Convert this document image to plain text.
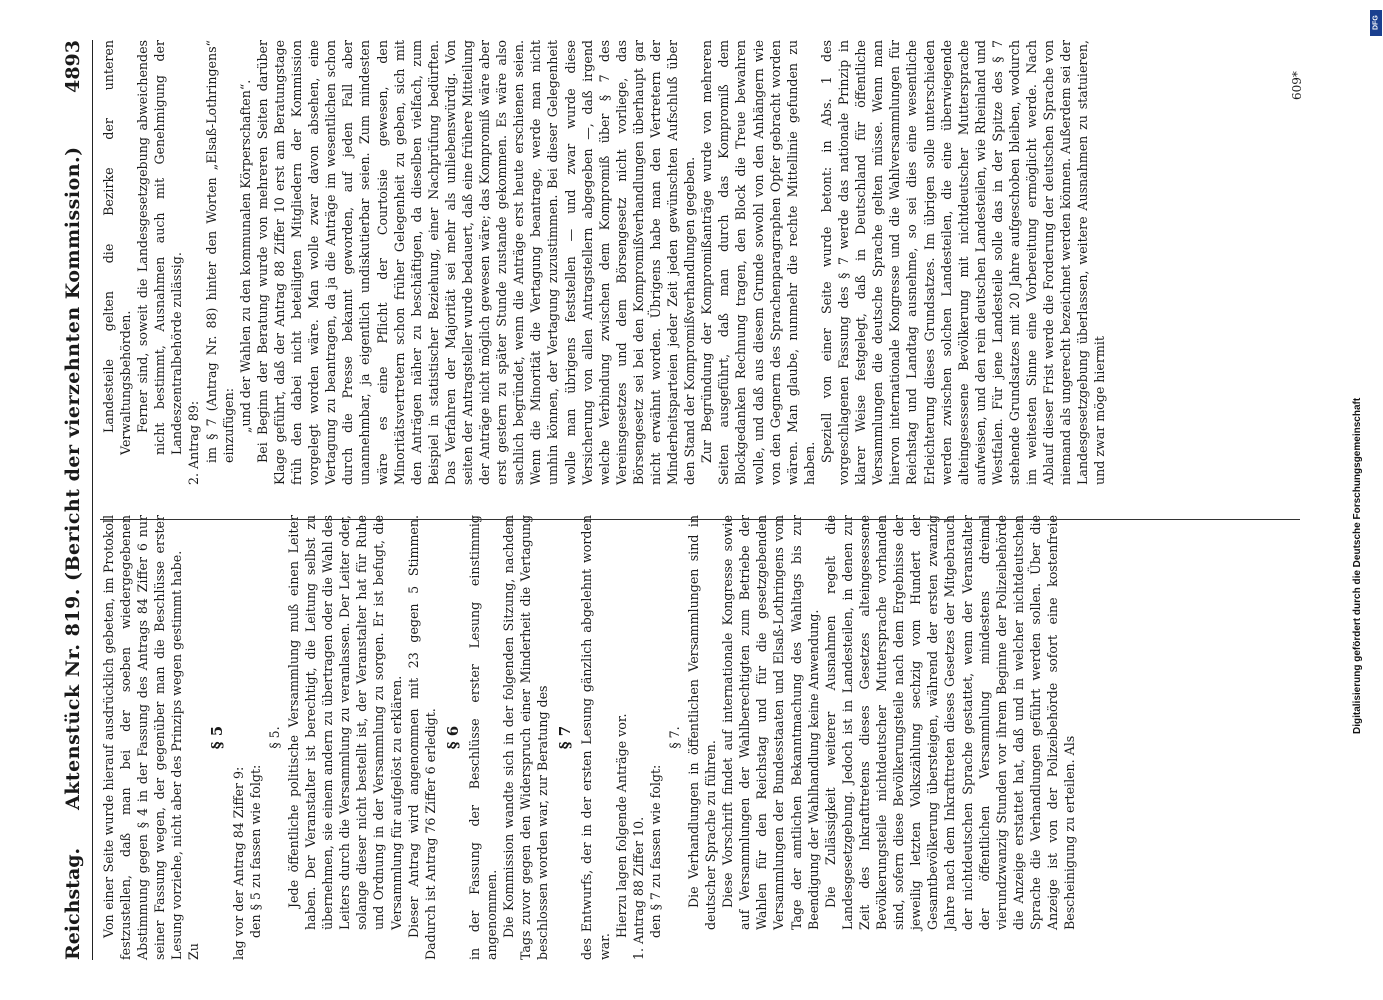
Reichstag.
Aktenstück Nr. 819. (Bericht der vierzehnten Kommission.)
4893

Von einer Seite wurde hierauf ausdrücklich gebeten, im Protokoll festzustellen, daß man bei der soeben wiedergegebenen Abstimmung gegen § 4 in der Fassung des Antrags 84 Ziffer 6 nur seiner Fassung wegen, der gegenüber man die Beschlüsse erster Lesung vorziehe, nicht aber des Prinzips wegen gestimmt habe. Zu

§ 5

lag vor der Antrag 84 Ziffer 9: den § 5 zu fassen wie folgt:

§ 5. Jede öffentliche politische Versammlung muß einen Leiter haben. Der Veranstalter ist berechtigt, die Leitung selbst zu übernehmen, sie einem andern zu übertragen oder die Wahl des Leiters durch die Versammlung zu veranlassen. Der Leiter oder, solange dieser nicht bestellt ist, der Veranstalter hat für Ruhe und Ordnung in der Versammlung zu sorgen. Er ist befugt, die Versammlung für aufgelöst zu erklären. Dieser Antrag wird angenommen mit 23 gegen 5 Stimmen. Dadurch ist Antrag 76 Ziffer 6 erledigt. § 6 in der Fassung der Beschlüsse erster Lesung einstimmig angenommen. Die Kommission wandte sich in der folgenden Sitzung, nachdem Tags zuvor gegen den Widerspruch einer Minderheit die Vertagung beschlossen worden war, zur Beratung des § 7 des Entwurfs, der in der ersten Lesung gänzlich abgelehnt worden war.

Hierzu lagen folgende Anträge vor. 1. Antrag 88 Ziffer 10. den § 7 zu fassen wie folgt:

§ 7. Die Verhandlungen in öffentlichen Versammlungen sind in deutscher Sprache zu führen. Diese Vorschrift findet auf internationale Kongresse sowie auf Versammlungen der Wahlberechtigten zum Betriebe der Wahlen für den Reichstag und für die gesetzgebenden Versammlungen der Bundesstaaten und Elsaß-Lothringens vom Tage der amtlichen Bekanntmachung des Wahltags bis zur Beendigung der Wahlhandlung keine Anwendung. Die Zulässigkeit weiterer Ausnahmen regelt die Landesgesetzgebung. Jedoch ist in Landesteilen, in denen zur Zeit des Inkrafttretens dieses Gesetzes alteingesessene Bevölkerungsteile nichtdeutscher Muttersprache vorhanden sind, sofern diese Bevölkerungsteile nach dem Ergebnisse der jeweilig letzten Volkszählung sechzig vom Hundert der Gesamtbevölkerung übersteigen, während der ersten zwanzig Jahre nach dem Inkrafttreten dieses Gesetzes der Mitgebrauch der nichtdeutschen Sprache gestattet, wenn der Veranstalter der öffentlichen Versammlung mindestens dreimal vierundzwanzig Stunden vor ihrem Beginne der Polizeibehörde die Anzeige erstattet hat, daß und in welcher nichtdeutschen Sprache die Verhandlungen geführt werden sollen. Über die Anzeige ist von der Polizeibehörde sofort eine kostenfreie Bescheinigung zu erteilen. Als

Landesteile gelten die Bezirke der unteren Verwaltungsbehörden. Ferner sind, soweit die Landesgesetzgebung abweichendes nicht bestimmt, Ausnahmen auch mit Genehmigung der Landeszentralbehörde zulässig. 2. Antrag 89: im § 7 (Antrag Nr. 88) hinter den Worten „Elsaß-Lothringens“ einzufügen: „und der Wahlen zu den kommunalen Körperschaften“. Bei Beginn der Beratung wurde von mehreren Seiten darüber Klage geführt, daß der Antrag 88 Ziffer 10 erst am Beratungstage früh den dabei nicht beteiligten Mitgliedern der Kommission vorgelegt worden wäre. Man wolle zwar davon absehen, eine Vertagung zu beantragen, da ja die Anträge im wesentlichen schon durch die Presse bekannt geworden, auf jeden Fall aber unannehmbar, ja eigentlich undiskutierbar seien. Zum mindesten wäre es eine Pflicht der Courtoisie gewesen, den Minoritätsvertretern schon früher Gelegenheit zu geben, sich mit den Anträgen näher zu beschäftigen, da dieselben vielfach, zum Beispiel in statistischer Beziehung, einer Nachprüfung bedürften. Das Verfahren der Majorität sei mehr als unliebenswürdig. Von seiten der Antragsteller wurde bedauert, daß eine frühere Mitteilung der Anträge nicht möglich gewesen wäre; das Kompromiß wäre aber erst gestern zu später Stunde zustande gekommen. Es wäre also sachlich begründet, wenn die Anträge erst heute erschienen seien. Wenn die Minorität die Vertagung beantrage, werde man nicht umhin können, der Vertagung zuzustimmen. Bei dieser Gelegenheit wolle man übrigens feststellen — und zwar wurde diese Versicherung von allen Antragstellern abgegeben —, daß irgend welche Verbindung zwischen dem Kompromiß über § 7 des Vereinsgesetzes und dem Börsengesetz nicht vorliege, das Börsengesetz sei bei den Kompromißverhandlungen überhaupt gar nicht erwähnt worden. Übrigens habe man den Vertretern der Minderheitsparteien jeder Zeit jeden gewünschten Aufschluß über den Stand der Kompromißverhandlungen gegeben. Zur Begründung der Kompromißanträge wurde von mehreren Seiten ausgeführt, daß man durch das Kompromiß dem Blockgedanken Rechnung tragen, den Block die Treue bewahren wolle, und daß aus diesem Grunde sowohl von den Anhängern wie von den Gegnern des Sprachenparagraphen Opfer gebracht worden wären. Man glaube, nunmehr die rechte Mittellinie gefunden zu haben.

Speziell von einer Seite wurde betont: in Abs. 1 des vorgeschlagenen Fassung des § 7 werde das nationale Prinzip in klarer Weise festgelegt, daß in Deutschland für öffentliche Versammlungen die deutsche Sprache gelten müsse. Wenn man hiervon internationale Kongresse und die Wahlversammlungen für Reichstag und Landtag ausnehme, so sei dies eine wesentliche Erleichterung dieses Grundsatzes. Im übrigen solle unterschieden werden zwischen solchen Landesteilen, die eine überwiegende alteingesessene Bevölkerung mit nichtdeutscher Muttersprache aufweisen, und den rein deutschen Landesteilen, wie Rheinland und Westfalen. Für jene Landesteile solle das in der Spitze des § 7 stehende Grundsatzes mit 20 Jahre aufgeschoben bleiben, wodurch im weitesten Sinne eine Vorbereitung ermöglicht werde. Nach Ablauf dieser Frist werde die Forderung der deutschen Sprache von niemand als ungerecht bezeichnet werden können. Außerdem sei der Landesgesetzgebung überlassen, weitere Ausnahmen zu statuieren, und zwar möge hiermit

609*
Digitalisierung gefördert durch die Deutsche Forschungsgemeinschaft
DFG
